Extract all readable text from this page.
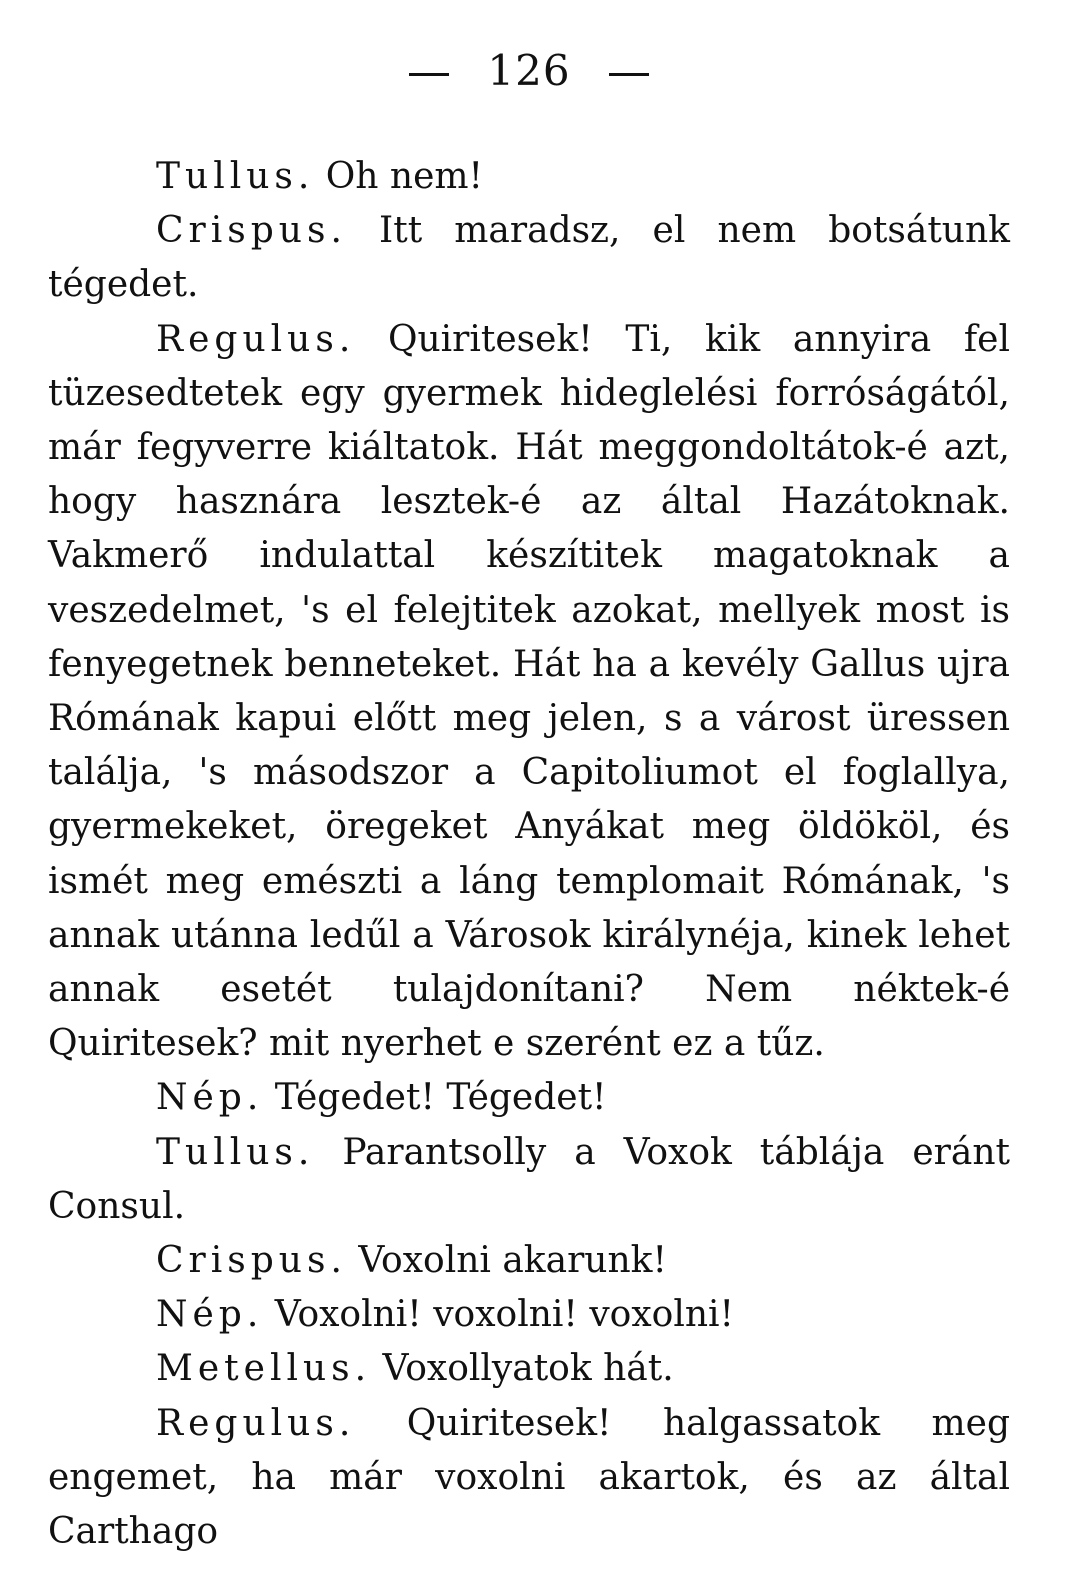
126

Tullus. Oh nem!

Crispus. Itt maradsz, el nem botsátunk tégedet.

Regulus. Quiritesek! Ti, kik annyira fel tüzesedtetek egy gyermek hideglelési forróságától, már fegyverre kiáltatok. Hát meggondoltátok-é azt, hogy hasznára lesztek-é az által Hazátoknak. Vakmerő indulattal készítitek magatoknak a veszedelmet, 's el felejtitek azokat, mellyek most is fenyegetnek benneteket. Hát ha a kevély Gallus ujra Rómának kapui előtt meg jelen, s a várost üressen találja, 's másodszor a Capitoliumot el foglallya, gyermekeket, öregeket Anyákat meg öldököl, és ismét meg emészti a láng templomait Rómának, 's annak utánna ledűl a Városok királynéja, kinek lehet annak esetét tulajdonítani? Nem néktek-é Quiritesek? mit nyerhet e szerént ez a tűz.

Nép. Tégedet! Tégedet!

Tullus. Parantsolly a Voxok táblája eránt Consul.

Crispus. Voxolni akarunk!

Nép. Voxolni! voxolni! voxolni!

Metellus. Voxollyatok hát.

Regulus. Quiritesek! halgassatok meg engemet, ha már voxolni akartok, és az által Carthago
